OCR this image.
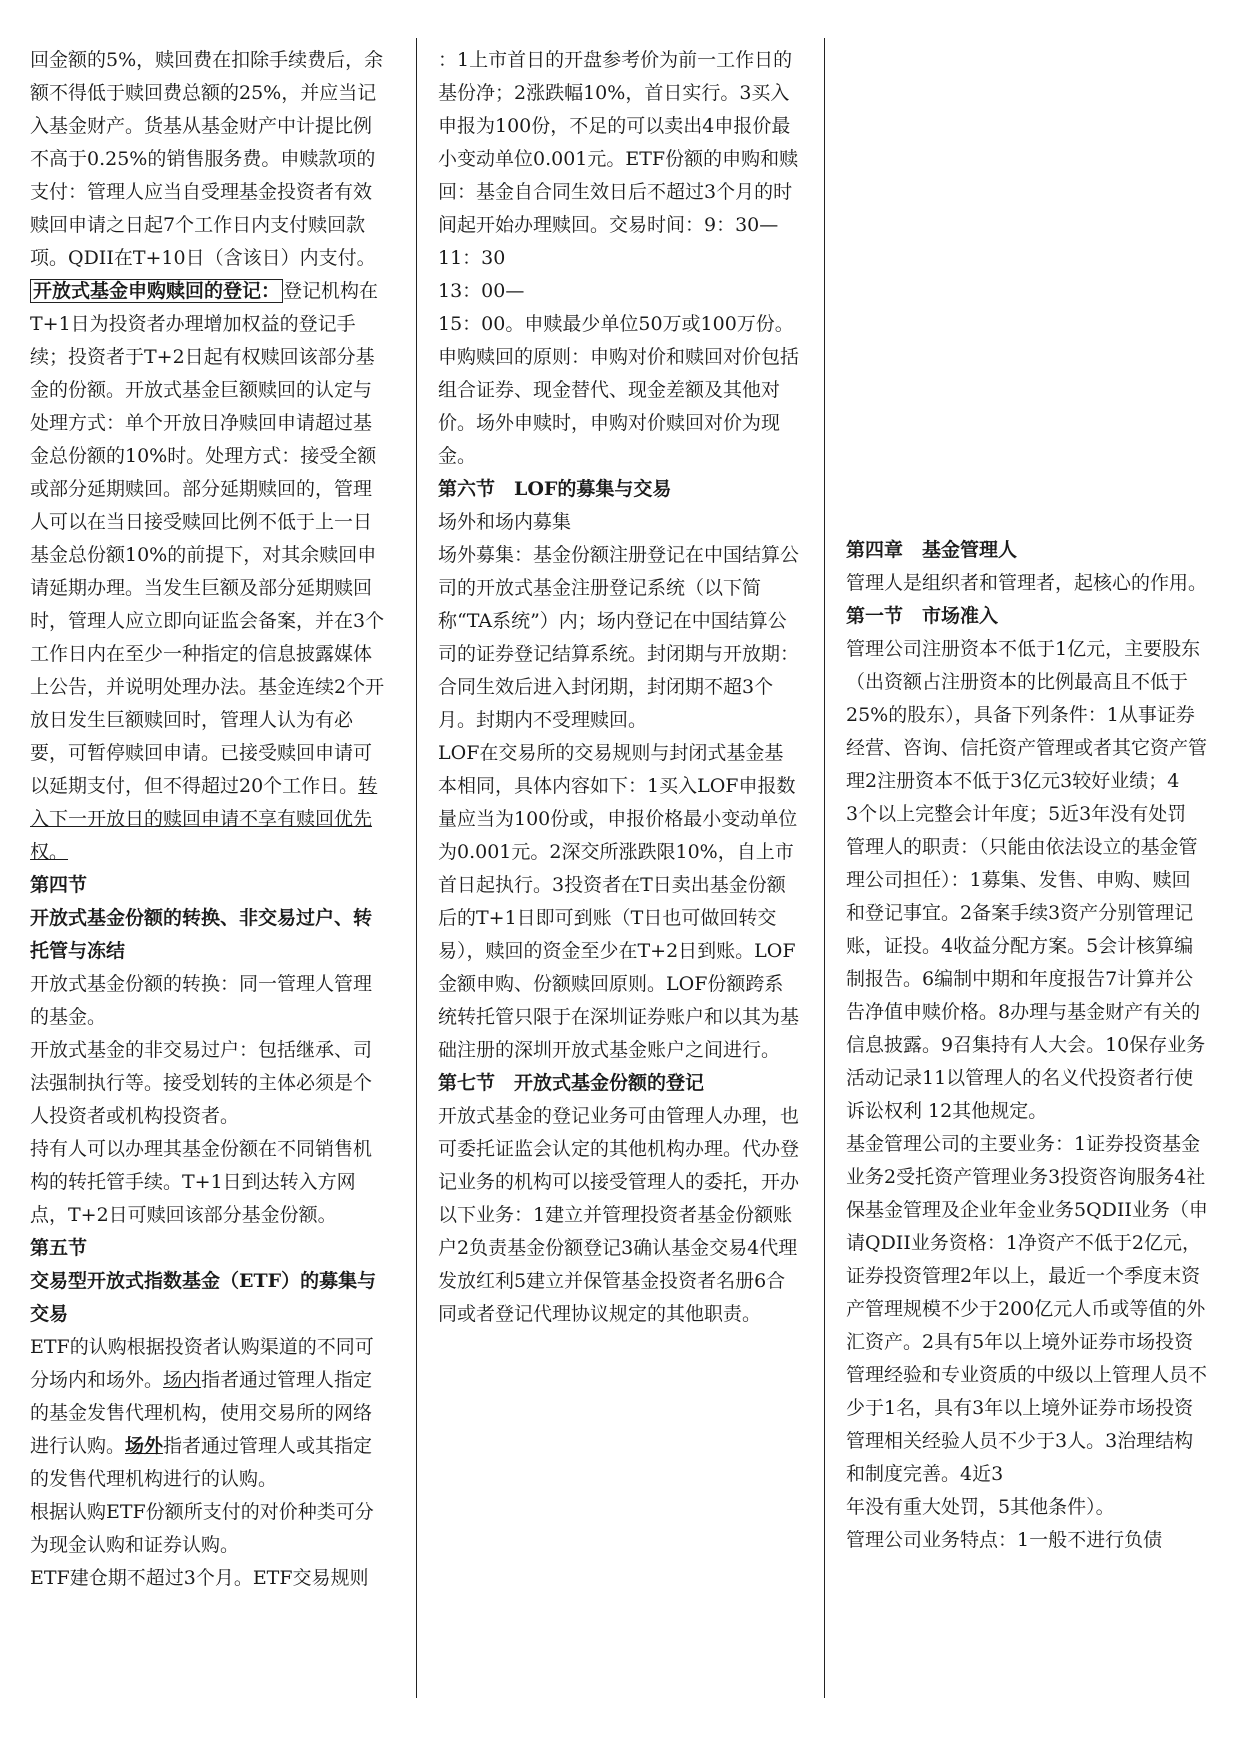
回金额的5%，赎回费在扣除手续费后，余额不得低于赎回费总额的25%，并应当记入基金财产。货基从基金财产中计提比例不高于0.25%的销售服务费。申赎款项的支付：管理人应当自受理基金投资者有效赎回申请之日起7个工作日内支付赎回款项。QDII在T+10日（含该日）内支付。

开放式基金申购赎回的登记： 登记机构在T+1日为投资者办理增加权益的登记手续；投资者于T+2日起有权赎回该部分基金的份额。开放式基金巨额赎回的认定与处理方式：单个开放日净赎回申请超过基金总份额的10%时。处理方式：接受全额或部分延期赎回。部分延期赎回的，管理人可以在当日接受赎回比例不低于上一日基金总份额10%的前提下，对其余赎回申请延期办理。当发生巨额及部分延期赎回时，管理人应立即向证监会备案，并在3个工作日内在至少一种指定的信息披露媒体上公告，并说明处理办法。基金连续2个开放日发生巨额赎回时，管理人认为有必要，可暂停赎回申请。已接受赎回申请可以延期支付，但不得超过20个工作日。转入下一开放日的赎回申请不享有赎回优先权。

第四节

开放式基金份额的转换、非交易过户、转托管与冻结

开放式基金份额的转换：同一管理人管理的基金。

开放式基金的非交易过户：包括继承、司法强制执行等。接受划转的主体必须是个人投资者或机构投资者。

持有人可以办理其基金份额在不同销售机构的转托管手续。T+1日到达转入方网点，T+2日可赎回该部分基金份额。

第五节

交易型开放式指数基金（ETF）的募集与交易

ETF的认购根据投资者认购渠道的不同可分场内和场外。场内指者通过管理人指定的基金发售代理机构，使用交易所的网络进行认购。场外指者通过管理人或其指定的发售代理机构进行的认购。

根据认购ETF份额所支付的对价种类可分为现金认购和证券认购。

ETF建仓期不超过3个月。ETF交易规则

：1上市首日的开盘参考价为前一工作日的基份净；2涨跌幅10%，首日实行。3买入申报为100份，不足的可以卖出4申报价最小变动单位0.001元。ETF份额的申购和赎回：基金自合同生效日后不超过3个月的时间起开始办理赎回。交易时间：9：30—11：30

13：00—

15：00。申赎最少单位50万或100万份。申购赎回的原则：申购对价和赎回对价包括组合证券、现金替代、现金差额及其他对价。场外申赎时，申购对价赎回对价为现金。

第六节　LOF的募集与交易

场外和场内募集

场外募集：基金份额注册登记在中国结算公司的开放式基金注册登记系统（以下简称“TA系统”）内；场内登记在中国结算公司的证券登记结算系统。封闭期与开放期：合同生效后进入封闭期，封闭期不超3个月。封期内不受理赎回。

LOF在交易所的交易规则与封闭式基金基本相同，具体内容如下：1买入LOF申报数量应当为100份或，申报价格最小变动单位为0.001元。2深交所涨跌限10%，自上市首日起执行。3投资者在T日卖出基金份额后的T+1日即可到账（T日也可做回转交易），赎回的资金至少在T+2日到账。LOF金额申购、份额赎回原则。LOF份额跨系统转托管只限于在深圳证券账户和以其为基础注册的深圳开放式基金账户之间进行。

第七节　开放式基金份额的登记

开放式基金的登记业务可由管理人办理，也可委托证监会认定的其他机构办理。代办登记业务的机构可以接受管理人的委托，开办以下业务：1建立并管理投资者基金份额账户2负责基金份额登记3确认基金交易4代理发放红利5建立并保管基金投资者名册6合同或者登记代理协议规定的其他职责。

第四章　基金管理人

管理人是组织者和管理者，起核心的作用。

第一节　市场准入

管理公司注册资本不低于1亿元，主要股东（出资额占注册资本的比例最高且不低于25%的股东），具备下列条件：1从事证券经营、咨询、信托资产管理或者其它资产管理2注册资本不低于3亿元3较好业绩；4

3个以上完整会计年度；5近3年没有处罚

管理人的职责：（只能由依法设立的基金管理公司担任）：1募集、发售、申购、赎回和登记事宜。2备案手续3资产分别管理记账，证投。4收益分配方案。5会计核算编制报告。6编制中期和年度报告7计算并公告净值申赎价格。8办理与基金财产有关的信息披露。9召集持有人大会。10保存业务活动记录11以管理人的名义代投资者行使诉讼权利 12其他规定。

基金管理公司的主要业务：1证券投资基金业务2受托资产管理业务3投资咨询服务4社保基金管理及企业年金业务5QDII业务（申请QDII业务资格：1净资产不低于2亿元，证券投资管理2年以上，最近一个季度末资产管理规模不少于200亿元人币或等值的外汇资产。2具有5年以上境外证券市场投资管理经验和专业资质的中级以上管理人员不少于1名，具有3年以上境外证券市场投资管理相关经验人员不少于3人。3治理结构和制度完善。4近3

年没有重大处罚，5其他条件）。

管理公司业务特点：1一般不进行负债
